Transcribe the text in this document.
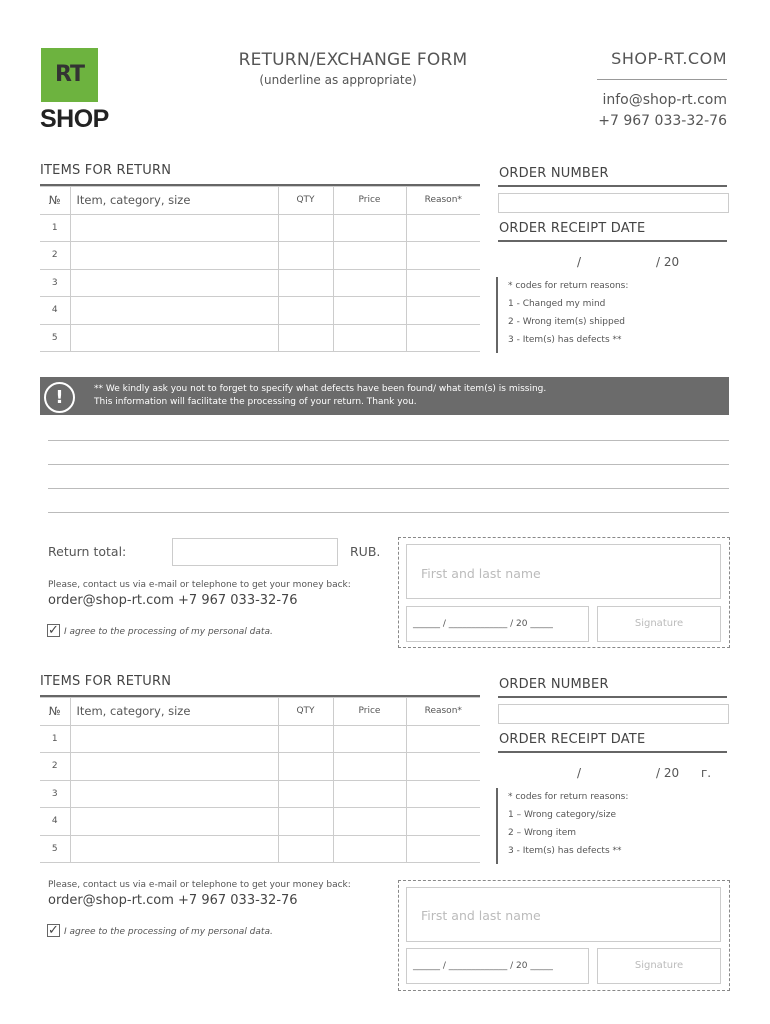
RT
SHOP
RETURN/EXCHANGE FORM
(underline as appropriate)
SHOP-RT.COM
info@shop-rt.com
+7 967 033-32-76
ITEMS FOR RETURN
№	Item, category, size	QTY	Price	Reason*
1				
2				
3				
4				
5				
ORDER NUMBER
ORDER RECEIPT DATE
/	/ 20
* codes for return reasons:
1 - Changed my mind
2 - Wrong item(s) shipped
3 - Item(s) has defects **
!	** We kindly ask you not to forget to specify what defects have been found/ what item(s) is missing.
This information will facilitate the processing of your return. Thank you.
Return total:	RUB.
Please, contact us via e-mail or telephone to get your money back:
order@shop-rt.com +7 967 033-32-76
✓ I agree to the processing of my personal data.
First and last name
______ / _____________ / 20 _____	Signature
ITEMS FOR RETURN
№	Item, category, size	QTY	Price	Reason*
1				
2				
3				
4				
5				
ORDER NUMBER
ORDER RECEIPT DATE
/	/ 20 г.
* codes for return reasons:
1 – Wrong category/size
2 – Wrong item
3 - Item(s) has defects **
Please, contact us via e-mail or telephone to get your money back:
order@shop-rt.com +7 967 033-32-76
✓ I agree to the processing of my personal data.
First and last name
______ / _____________ / 20 _____	Signature
